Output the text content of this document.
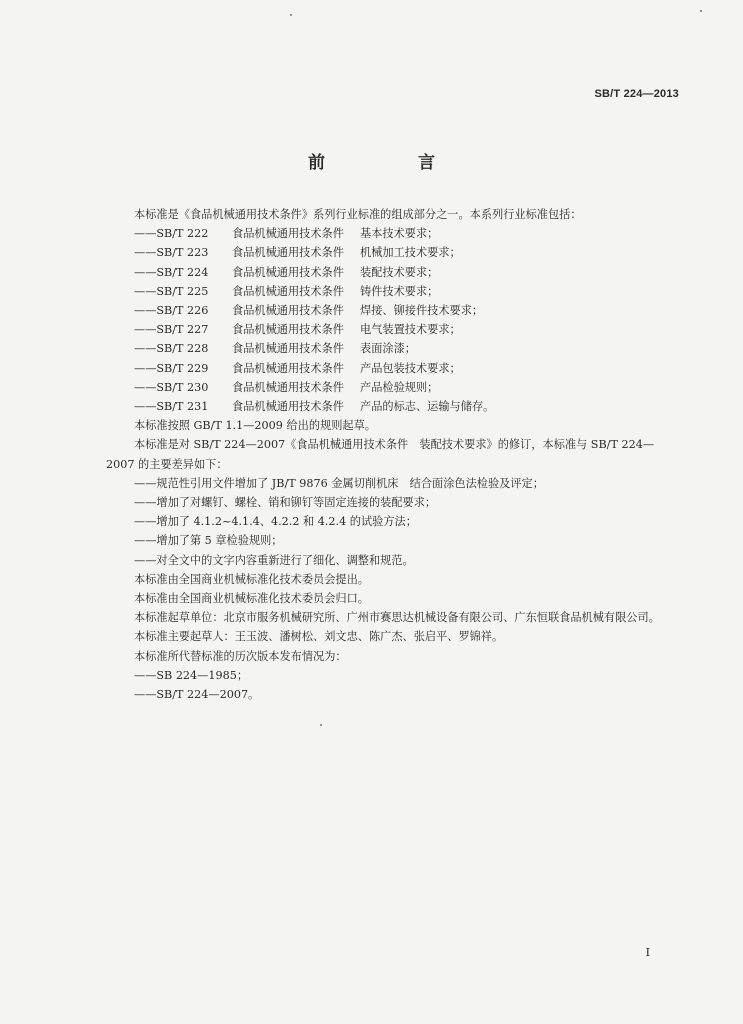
SB/T 224—2013
前　言

本标准是《食品机械通用技术条件》系列行业标准的组成部分之一。本系列行业标准包括：

——SB/T 222	食品机械通用技术条件	基本技术要求；
——SB/T 223	食品机械通用技术条件	机械加工技术要求；
——SB/T 224	食品机械通用技术条件	装配技术要求；
——SB/T 225	食品机械通用技术条件	铸件技术要求；
——SB/T 226	食品机械通用技术条件	焊接、铆接件技术要求；
——SB/T 227	食品机械通用技术条件	电气装置技术要求；
——SB/T 228	食品机械通用技术条件	表面涂漆；
——SB/T 229	食品机械通用技术条件	产品包装技术要求；
——SB/T 230	食品机械通用技术条件	产品检验规则；
——SB/T 231	食品机械通用技术条件	产品的标志、运输与储存。

本标准按照 GB/T 1.1—2009 给出的规则起草。

本标准是对 SB/T 224—2007《食品机械通用技术条件　装配技术要求》的修订，本标准与 SB/T 224—2007 的主要差异如下：

——规范性引用文件增加了 JB/T 9876 金属切削机床　结合面涂色法检验及评定；

——增加了对螺钉、螺栓、销和铆钉等固定连接的装配要求；

——增加了 4.1.2~4.1.4、4.2.2 和 4.2.4 的试验方法；

——增加了第 5 章检验规则；

——对全文中的文字内容重新进行了细化、调整和规范。

本标准由全国商业机械标准化技术委员会提出。

本标准由全国商业机械标准化技术委员会归口。

本标准起草单位：北京市服务机械研究所、广州市赛思达机械设备有限公司、广东恒联食品机械有限公司。

本标准主要起草人：王玉波、潘树松、刘文忠、陈广杰、张启平、罗锦祥。

本标准所代替标准的历次版本发布情况为：

——SB 224—1985；

——SB/T 224—2007。

I
